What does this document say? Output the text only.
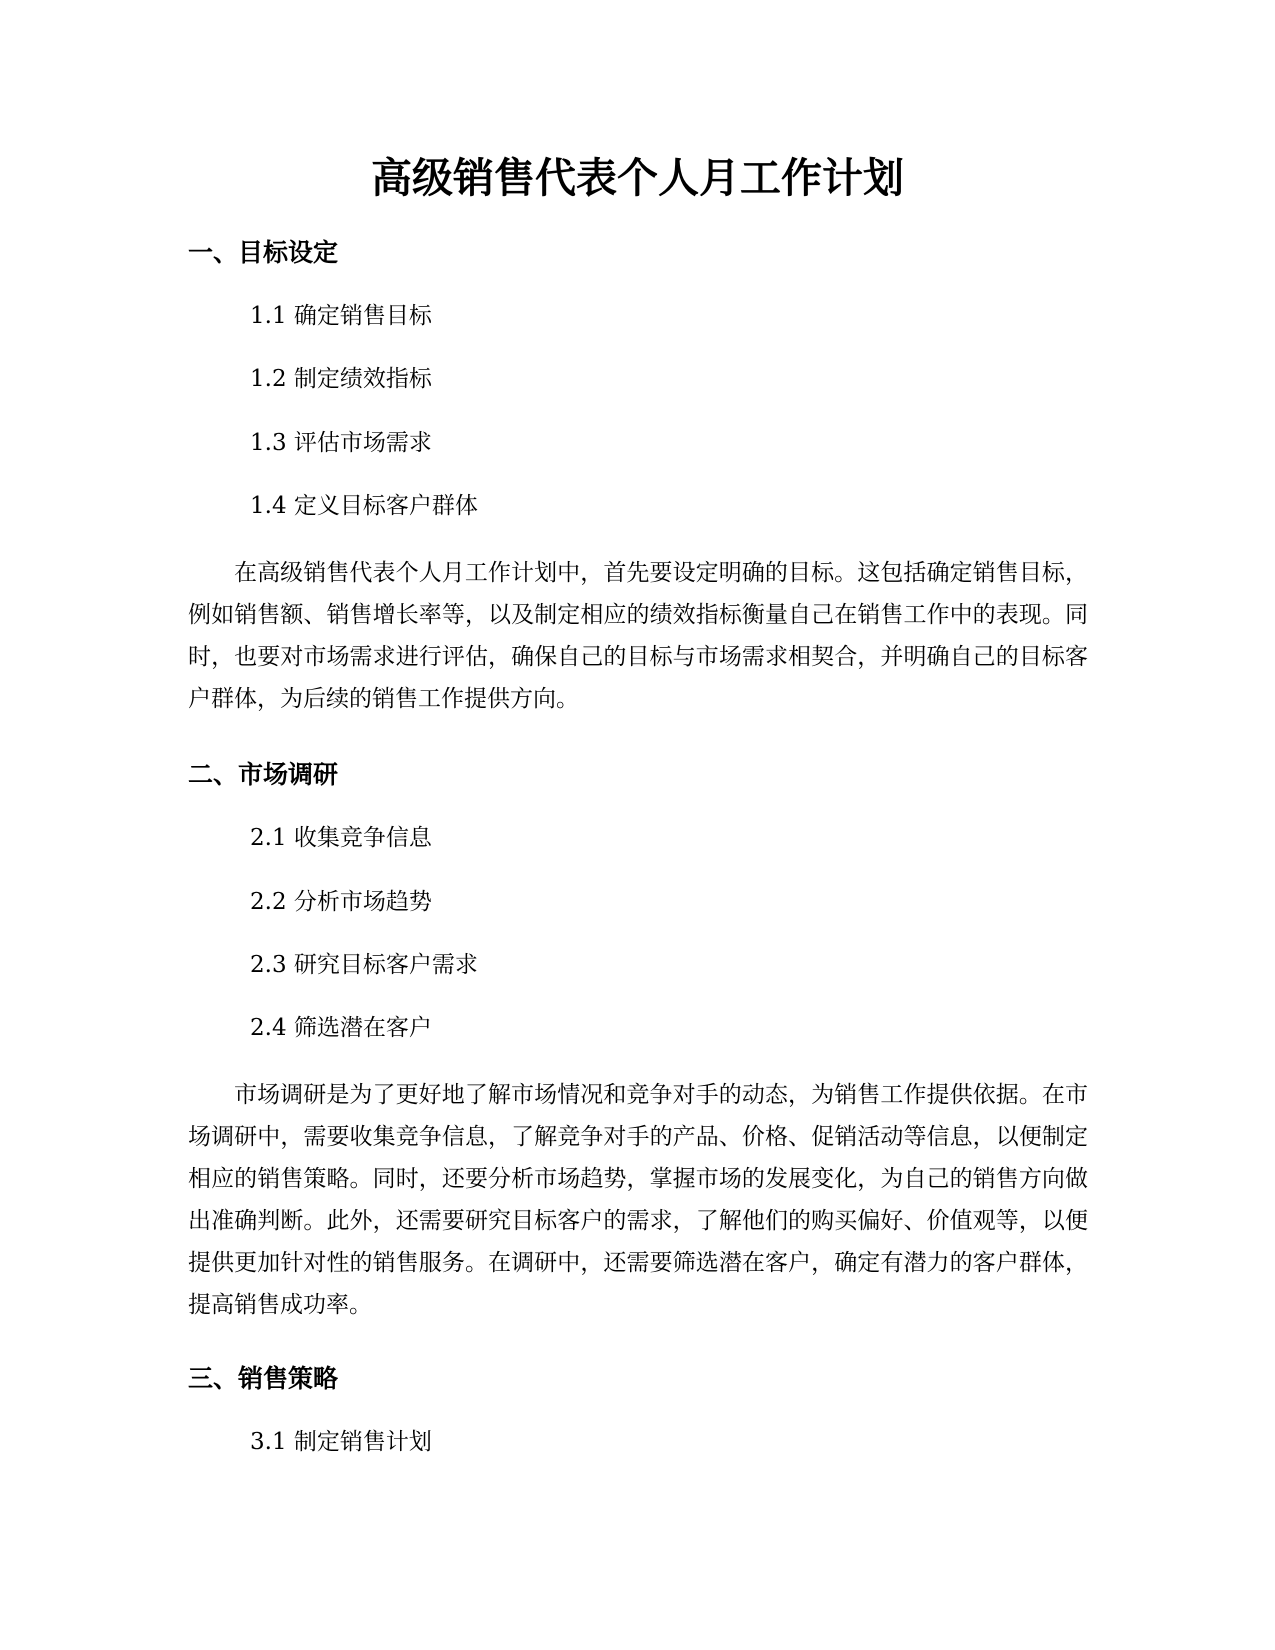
高级销售代表个人月工作计划
一、目标设定

1.1 确定销售目标

1.2 制定绩效指标

1.3 评估市场需求

1.4 定义目标客户群体

在高级销售代表个人月工作计划中，首先要设定明确的目标。这包括确定销售目标，例如销售额、销售增长率等，以及制定相应的绩效指标衡量自己在销售工作中的表现。同时，也要对市场需求进行评估，确保自己的目标与市场需求相契合，并明确自己的目标客户群体，为后续的销售工作提供方向。

二、市场调研

2.1 收集竞争信息

2.2 分析市场趋势

2.3 研究目标客户需求

2.4 筛选潜在客户

市场调研是为了更好地了解市场情况和竞争对手的动态，为销售工作提供依据。在市场调研中，需要收集竞争信息，了解竞争对手的产品、价格、促销活动等信息，以便制定相应的销售策略。同时，还要分析市场趋势，掌握市场的发展变化，为自己的销售方向做出准确判断。此外，还需要研究目标客户的需求，了解他们的购买偏好、价值观等，以便提供更加针对性的销售服务。在调研中，还需要筛选潜在客户，确定有潜力的客户群体，提高销售成功率。

三、销售策略

3.1 制定销售计划
